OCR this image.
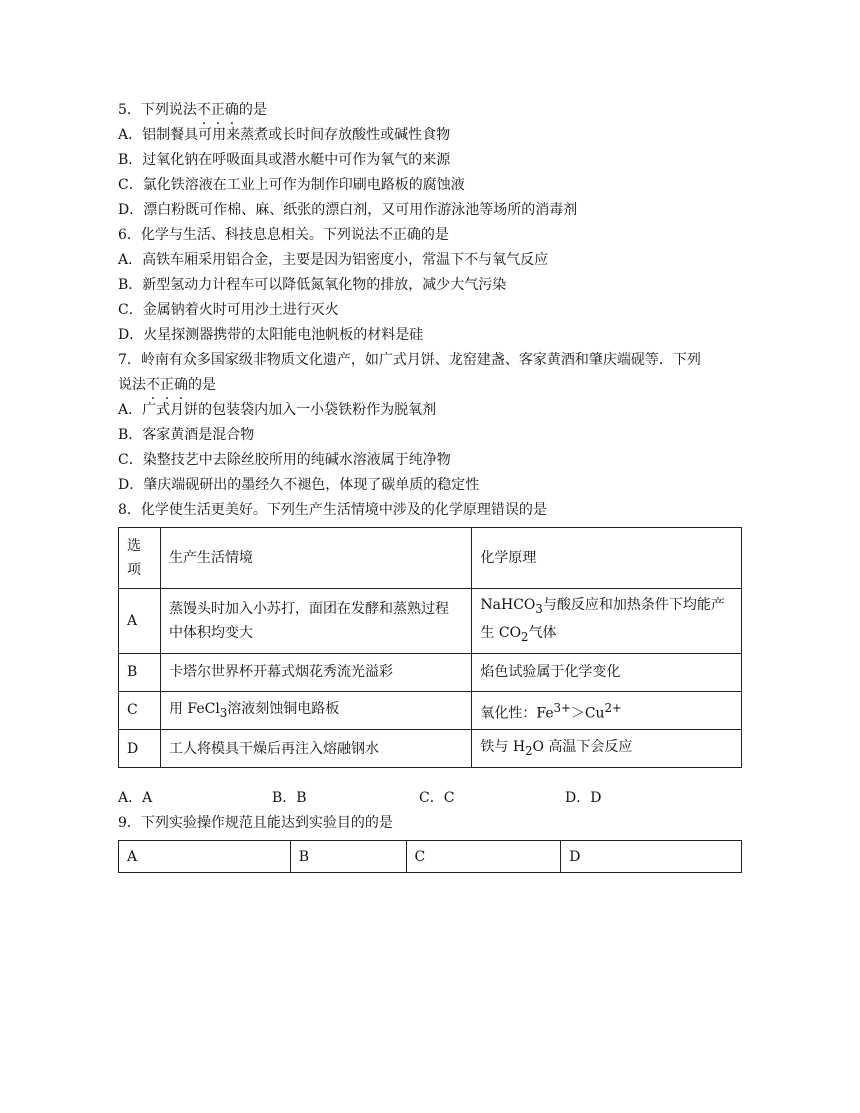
5．下列说法不正确的是
A．铝制餐具可用来蒸煮或长时间存放酸性或碱性食物
B．过氧化钠在呼吸面具或潜水艇中可作为氧气的来源
C．氯化铁溶液在工业上可作为制作印刷电路板的腐蚀液
D．漂白粉既可作棉、麻、纸张的漂白剂，又可用作游泳池等场所的消毒剂
6．化学与生活、科技息息相关。下列说法不正确的是
A．高铁车厢采用铝合金，主要是因为铝密度小，常温下不与氧气反应
B．新型氢动力计程车可以降低氮氧化物的排放，减少大气污染
C．金属钠着火时可用沙土进行灭火
D．火星探测器携带的太阳能电池帆板的材料是硅
7．岭南有众多国家级非物质文化遗产，如广式月饼、龙窑建盏、客家黄酒和肇庆端砚等．下列
说法不正确的是
A．广式月饼的包装袋内加入一小袋铁粉作为脱氧剂
B．客家黄酒是混合物
C．染整技艺中去除丝胶所用的纯碱水溶液属于纯净物
D．肇庆端砚研出的墨经久不褪色，体现了碳单质的稳定性
8．化学使生活更美好。下列生产生活情境中涉及的化学原理错误的是
选
项	生产生活情境	化学原理
A	蒸馒头时加入小苏打，面团在发酵和蒸熟过程
中体积均变大	NaHCO$_3$与酸反应和加热条件下均能产
生 $CO_2$气体
B	卡塔尔世界杯开幕式烟花秀流光溢彩	焰色试验属于化学变化
C	用 FeCl$_3$溶液刻蚀铜电路板	氧化性：$Fe^{3+}>Cu^{2+}$
D	工人将模具干燥后再注入熔融钢水	铁与 $H_2O$ 高温下会反应
A．A	B．B	C．C	D．D
9．下列实验操作规范且能达到实验目的的是
A	B	C	D
